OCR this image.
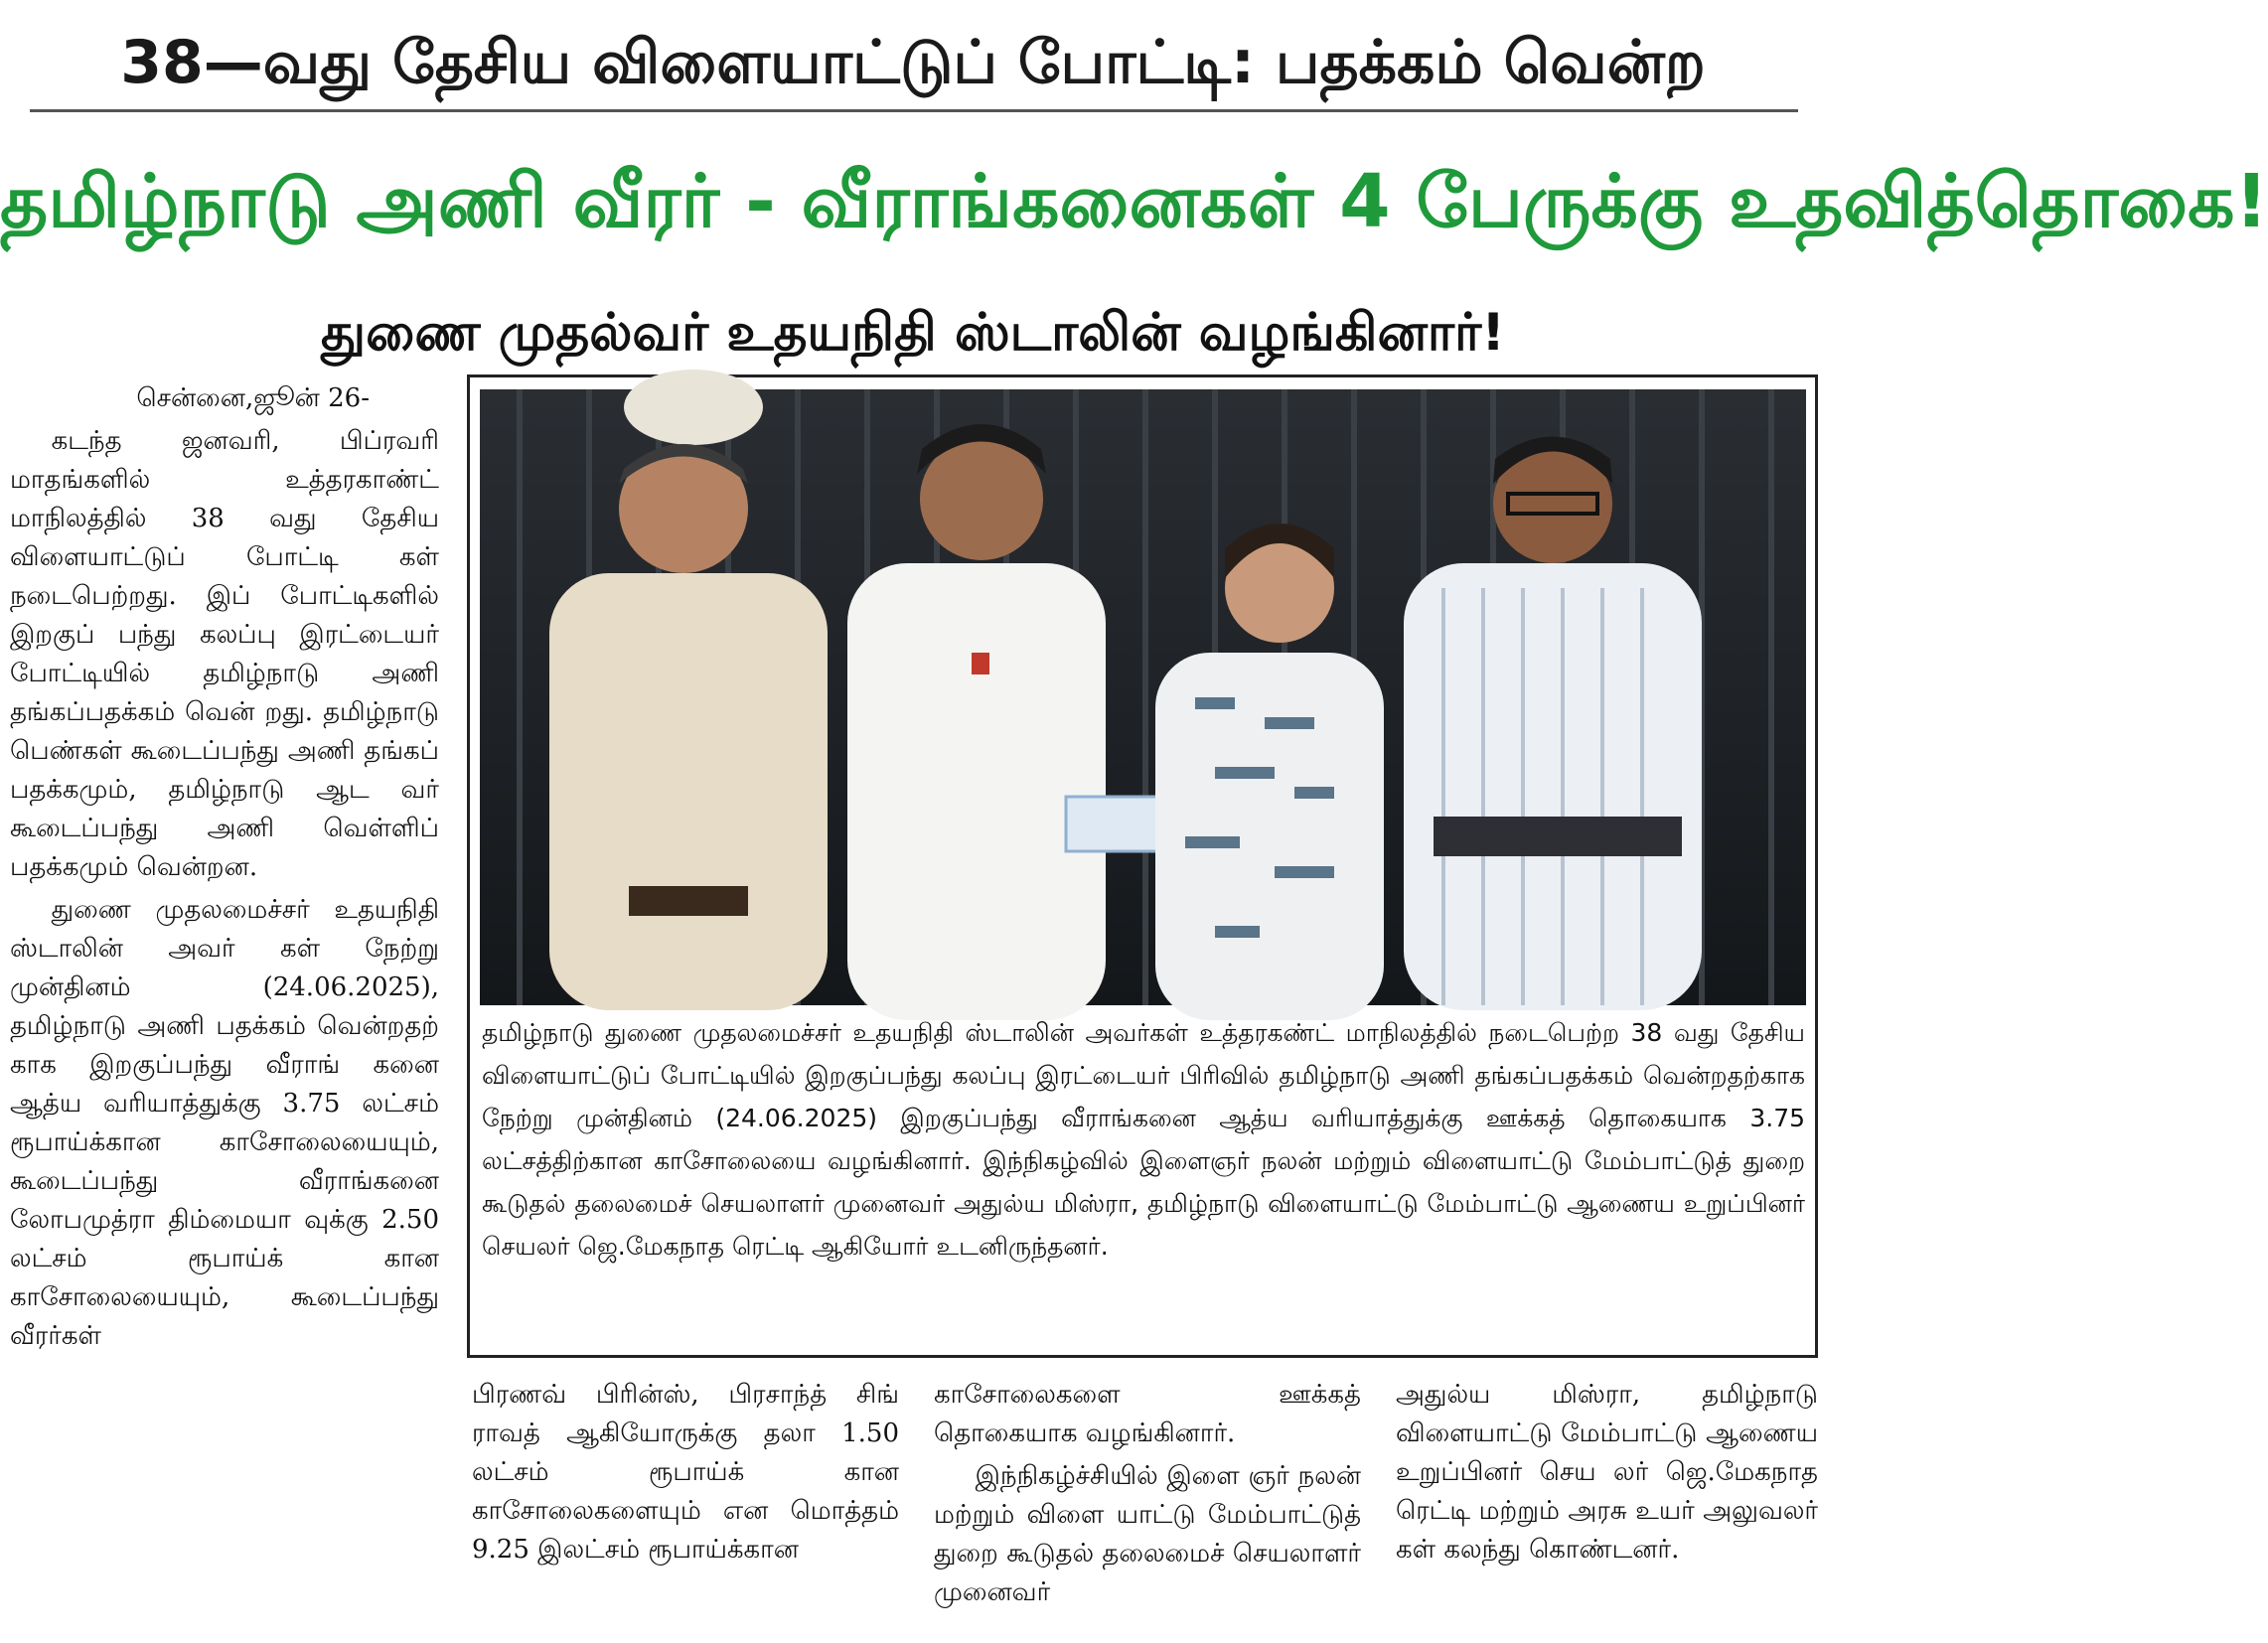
38—வது தேசிய விளையாட்டுப் போட்டி: பதக்கம் வென்ற
தமிழ்நாடு அணி வீரர் - வீராங்கனைகள் 4 பேருக்கு உதவித்தொகை!
துணை முதல்வர் உதயநிதி ஸ்டாலின் வழங்கினார்!

சென்னை,ஜூன் 26-

கடந்த ஜனவரி, பிப்ரவரி மாதங்களில் உத்தரகாண்ட் மாநிலத்தில் 38 வது தேசிய விளையாட்டுப் போட்டி கள் நடைபெற்றது. இப் போட்டிகளில் இறகுப் பந்து கலப்பு இரட்டையர் போட்டியில் தமிழ்நாடு அணி தங்கப்பதக்கம் வென் றது. தமிழ்நாடு பெண்கள் கூடைப்பந்து அணி தங்கப் பதக்கமும், தமிழ்நாடு ஆட வர் கூடைப்பந்து அணி வெள்ளிப் பதக்கமும் வென்றன.

துணை முதலமைச்சர் உதயநிதி ஸ்டாலின் அவர் கள் நேற்று முன்தினம் (24.06.2025), தமிழ்நாடு அணி பதக்கம் வென்றதற் காக இறகுப்பந்து வீராங் கனை ஆத்ய வரியாத்துக்கு 3.75 லட்சம் ரூபாய்க்கான காசோலையையும், கூடைப்பந்து வீராங்கனை லோபமுத்ரா திம்மையா வுக்கு 2.50 லட்சம் ரூபாய்க் கான காசோலையையும், கூடைப்பந்து வீரர்கள்

தமிழ்நாடு துணை முதலமைச்சர் உதயநிதி ஸ்டாலின் அவர்கள் உத்தரகண்ட் மாநிலத்தில் நடைபெற்ற 38 வது தேசிய விளையாட்டுப் போட்டியில் இறகுப்பந்து கலப்பு இரட்டையர் பிரிவில் தமிழ்நாடு அணி தங்கப்பதக்கம் வென்றதற்காக நேற்று முன்தினம் (24.06.2025) இறகுப்பந்து வீராங்கனை ஆத்ய வரியாத்துக்கு ஊக்கத் தொகையாக 3.75 லட்சத்திற்கான காசோலையை வழங்கினார். இந்நிகழ்வில் இளைஞர் நலன் மற்றும் விளையாட்டு மேம்பாட்டுத் துறை கூடுதல் தலைமைச் செயலாளர் முனைவர் அதுல்ய மிஸ்ரா, தமிழ்நாடு விளையாட்டு மேம்பாட்டு ஆணைய உறுப்பினர் செயலர் ஜெ.மேகநாத ரெட்டி ஆகியோர் உடனிருந்தனர்.

பிரணவ் பிரின்ஸ், பிரசாந்த் சிங் ராவத் ஆகியோருக்கு தலா 1.50 லட்சம் ரூபாய்க் கான காசோலைகளையும் என மொத்தம் 9.25 இலட்சம் ரூபாய்க்கான

காசோலைகளை ஊக்கத் தொகையாக வழங்கினார்.

இந்நிகழ்ச்சியில் இளை ஞர் நலன் மற்றும் விளை யாட்டு மேம்பாட்டுத் துறை கூடுதல் தலைமைச் செயலாளர் முனைவர்

அதுல்ய மிஸ்ரா, தமிழ்நாடு விளையாட்டு மேம்பாட்டு ஆணைய உறுப்பினர் செய லர் ஜெ.மேகநாத ரெட்டி மற்றும் அரசு உயர் அலுவலர் கள் கலந்து கொண்டனர்.
